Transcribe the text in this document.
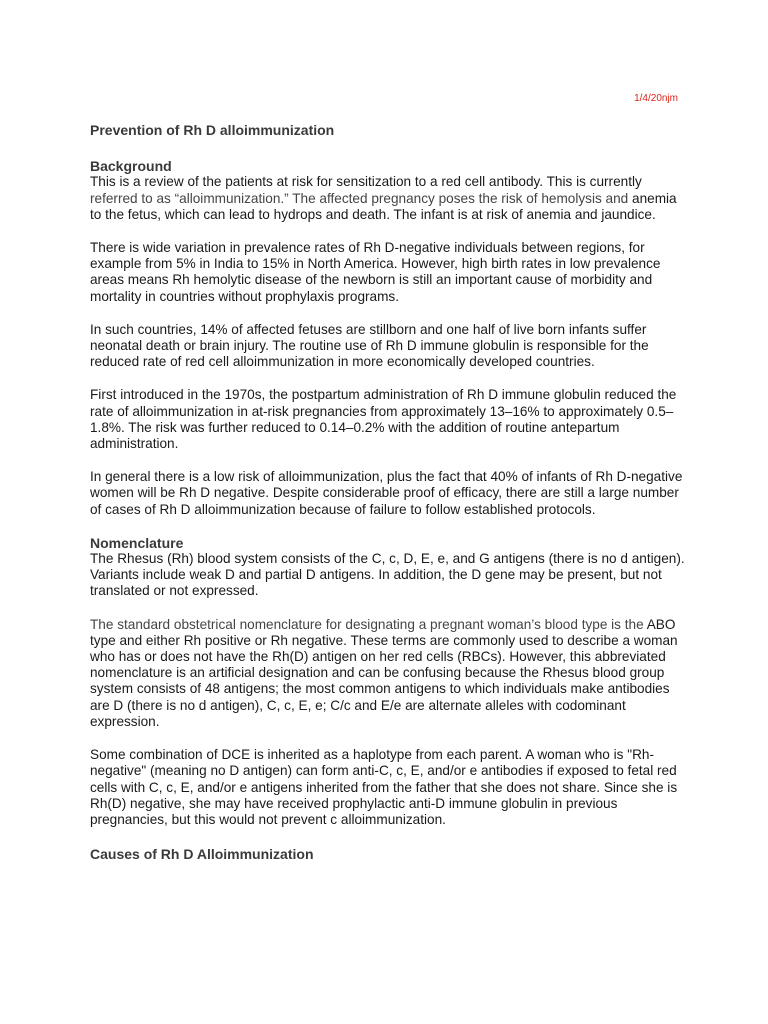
1/4/20njm
Prevention of Rh D alloimmunization
Background

This is a review of the patients at risk for sensitization to a red cell antibody. This is currently referred to as “alloimmunization.” The affected pregnancy poses the risk of hemolysis and anemia to the fetus, which can lead to hydrops and death. The infant is at risk of anemia and jaundice.

There is wide variation in prevalence rates of Rh D-negative individuals between regions, for example from 5% in India to 15% in North America. However, high birth rates in low prevalence areas means Rh hemolytic disease of the newborn is still an important cause of morbidity and mortality in countries without prophylaxis programs.

In such countries, 14% of affected fetuses are stillborn and one half of live born infants suffer neonatal death or brain injury. The routine use of Rh D immune globulin is responsible for the reduced rate of red cell alloimmunization in more economically developed countries.

First introduced in the 1970s, the postpartum administration of Rh D immune globulin reduced the rate of alloimmunization in at-risk pregnancies from approximately 13–16% to approximately 0.5–1.8%. The risk was further reduced to 0.14–0.2% with the addition of routine antepartum administration.

In general there is a low risk of alloimmunization, plus the fact that 40% of infants of Rh D-negative women will be Rh D negative. Despite considerable proof of efficacy, there are still a large number of cases of Rh D alloimmunization because of failure to follow established protocols.

Nomenclature

The Rhesus (Rh) blood system consists of the C, c, D, E, e, and G antigens (there is no d antigen). Variants include weak D and partial D antigens. In addition, the D gene may be present, but not translated or not expressed.

The standard obstetrical nomenclature for designating a pregnant woman’s blood type is the ABO type and either Rh positive or Rh negative. These terms are commonly used to describe a woman who has or does not have the Rh(D) antigen on her red cells (RBCs). However, this abbreviated nomenclature is an artificial designation and can be confusing because the Rhesus blood group system consists of 48 antigens; the most common antigens to which individuals make antibodies are D (there is no d antigen), C, c, E, e; C/c and E/e are alternate alleles with codominant expression.

Some combination of DCE is inherited as a haplotype from each parent. A woman who is "Rh-negative" (meaning no D antigen) can form anti-C, c, E, and/or e antibodies if exposed to fetal red cells with C, c, E, and/or e antigens inherited from the father that she does not share. Since she is Rh(D) negative, she may have received prophylactic anti-D immune globulin in previous pregnancies, but this would not prevent c alloimmunization.

Causes of Rh D Alloimmunization
